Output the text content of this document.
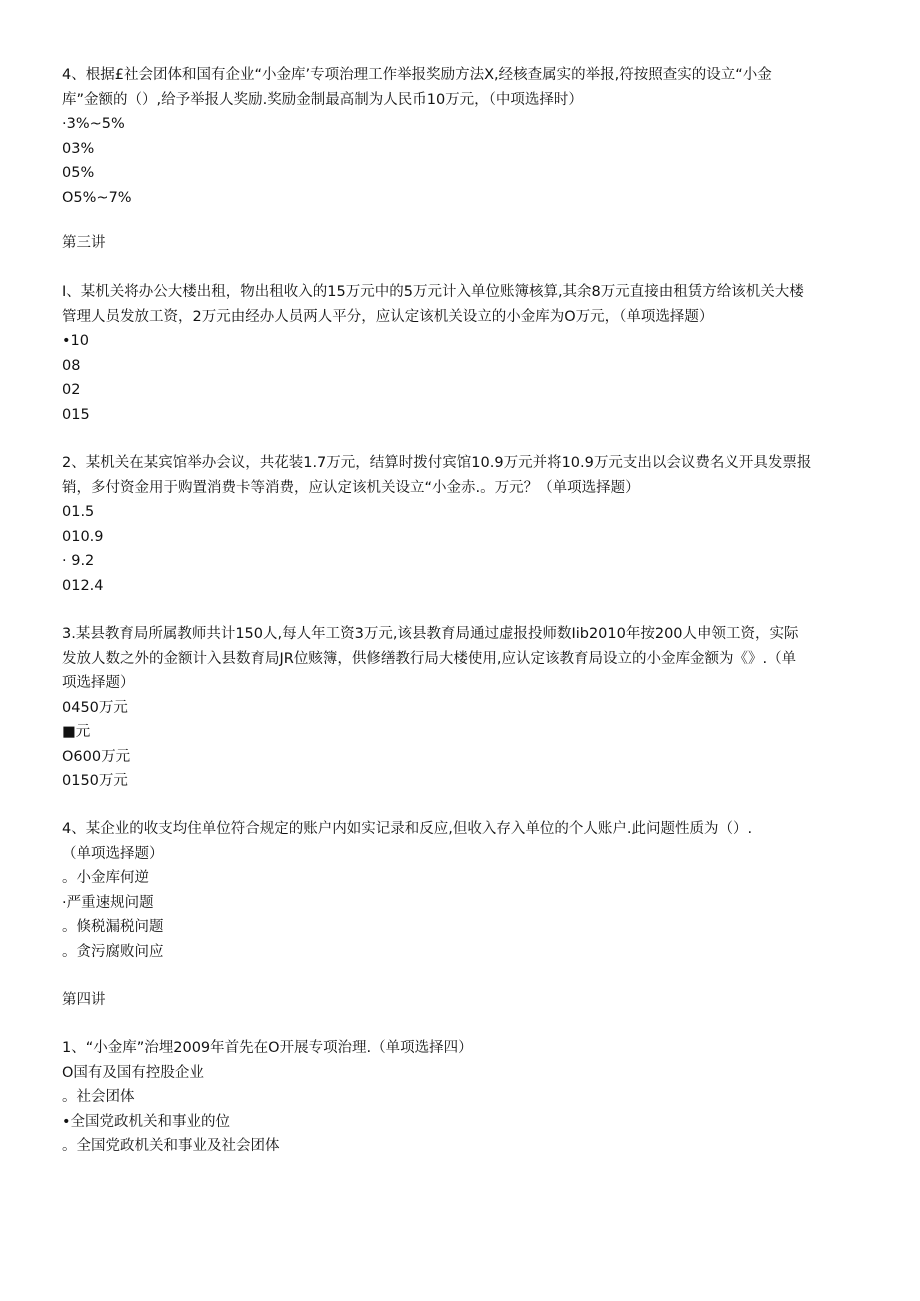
4、根据£社会团体和国有企业“小金库’专项治理工作举报奖励方法X,经核查属实的举报,符按照查实的设立“小金
库”金额的（）,给予举报人奖励.奖励金制最高制为人民币10万元，（中项选择时）
·3%~5%
03%
05%
O5%~7%
第三讲
I、某机关将办公大楼出租，物出租收入的15万元中的5万元计入单位账簿核算,其余8万元直接由租赁方给该机关大楼
管理人员发放工资，2万元由经办人员两人平分，应认定该机关设立的小金库为O万元，（单项选择题）
•10
08
02
015
2、某机关在某宾馆举办会议，共花装1.7万元，结算时拨付宾馆10.9万元并将10.9万元支出以会议费名义开具发票报
销，多付资金用于购置消费卡等消费，应认定该机关设立“小金赤.。万元？（单项选择题）
01.5
010.9
· 9.2
012.4
3.某县教育局所属教师共计150人,每人年工资3万元,该县教育局通过虚报投师数Iib2010年按200人申领工资，实际
发放人数之外的金额计入县数育局JR位赅簿，供修缮教行局大楼使用,应认定该教育局设立的小金库金额为《》.（单
项选择题）
0450万元
■元
O600万元
0150万元
4、某企业的收支均住单位符合规定的账户内如实记录和反应,但收入存入单位的个人账户.此问题性质为（）.
（单项选择题）
。小金库何逆
·严重速规问题
。倏税漏税问题
。贪污腐败问应
第四讲
1、“小金库”治埋2009年首先在O开展专项治理.（单项选择四）
O国有及国有控股企业
。社会团体
•全国党政机关和事业的位
。全国党政机关和事业及社会团体
